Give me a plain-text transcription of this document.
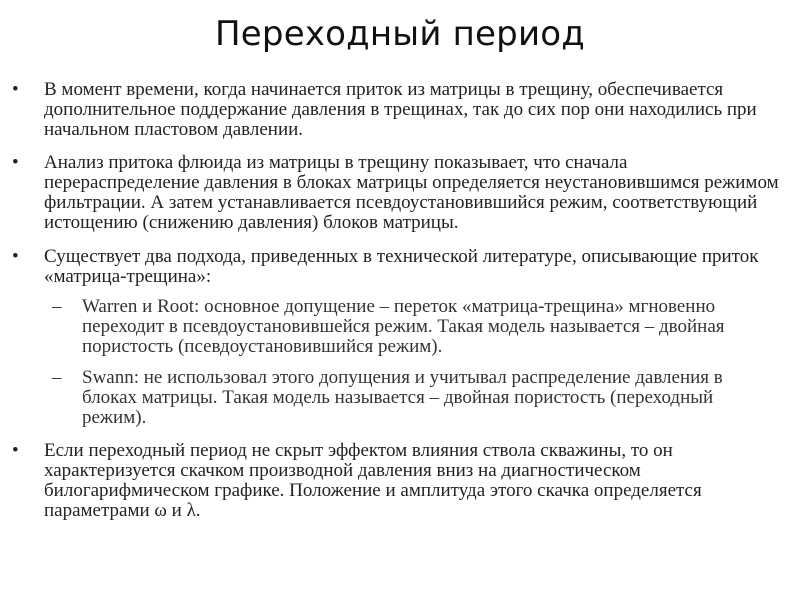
Переходный период
• В момент времени, когда начинается приток из матрицы в трещину, обеспечивается дополнительное поддержание давления в трещинах, так до сих пор они находились при начальном пластовом давлении.
• Анализ притока флюида из матрицы в трещину показывает, что сначала перераспределение давления в блоках матрицы определяется неустановившимся режимом фильтрации. А затем устанавливается псевдоустановившийся режим, соответствующий истощению (снижению давления) блоков матрицы.
• Существует два подхода, приведенных в технической литературе, описывающие приток «матрица-трещина»:
– Warren и Root: основное допущение – переток «матрица-трещина» мгновенно переходит в псевдоустановившейся режим. Такая модель называется – двойная пористость (псевдоустановившийся режим).
– Swann: не использовал этого допущения и учитывал распределение давления в блоках матрицы. Такая модель называется – двойная пористость (переходный режим).
• Если переходный период не скрыт эффектом влияния ствола скважины, то он характеризуется скачком производной давления вниз на диагностическом билогарифмическом графике. Положение и амплитуда этого скачка определяется параметрами ω и λ.
